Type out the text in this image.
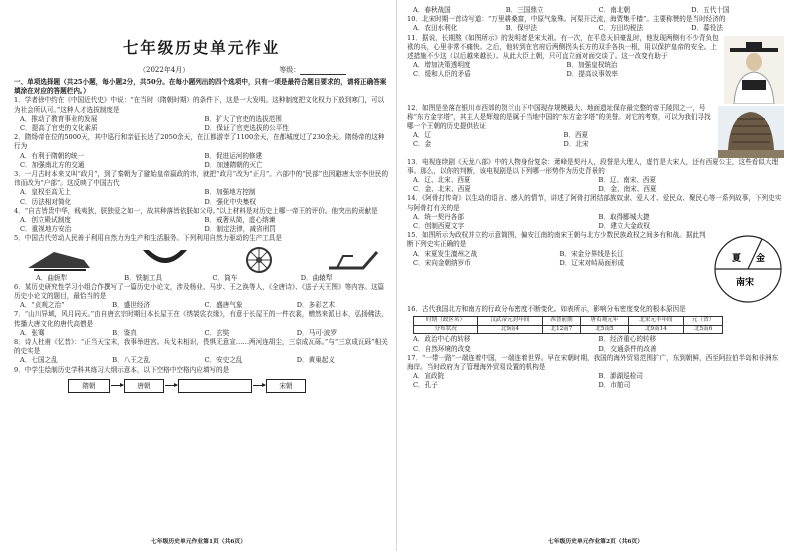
七年级历史单元作业
（2022年4月）	等级：
一、单项选择题（共25小题，每小题2分，共50分。在每小题列出的四个选项中，只有一项是最符合题目要求的，请将正确答案填涂在对应的答题栏内。）
1．学者徐中约在《中国近代史》中说：“在当时（隋朝时期）的条件下，这是一大发明。这种制度把文化权力下放到寒门，可以为社会所认可。”这种人才选拔制度是
A．推动了教育事业的发展	B．扩大了官吏的选拔范围
C．提高了官吏的文化素质	D．保证了官吏选拔的公平性
2．隋炀帝在位的5000天，其中巡行和亲征长达了2050余天，在江都游幸了1100余天，在都城度过了230余天。隋炀帝的这种行为
A．有利于隋朝的统一	B．促进运河的修建
C．加强南北方的交通	D．加速隋朝的灭亡
3．一月古时本来又叫“政月”，到了秦朝为了避始皇帝嬴政的讳，就把“政月”改为“正月”。六部中的“民部”也因避唐太宗李世民的讳而改为“户部”。这反映了中国古代
A．皇权至高无上	B．加强地方控制
C．历法相对简化	D．强化中央集权
4．“自古皆贵中华，贱夷狄，朕独爱之如一，故其种落皆依朕如父母。”以上材料是对历史上哪一帝王的评价。他突出的贡献是
A．创立殿试制度	B．戒奢从简，虚心纳谏
C．重视地方安治	D．制定法律，减省刑罚
5．中国古代劳动人民善于利用自然力为生产和生活服务。下列利用自然力驱动的生产工具是
A．曲轭犁	B．铁制工具	C．筒车	D．曲辕犁
6．某历史研究性学习小组合作撰写了一篇历史小论文，涉及杨业、马步、王之涣等人，《全唐诗》、《送子天王图》等内容。这篇历史小论文的题目，最恰当的是
A．“贞观之治”	B．盛世经济	C．盛唐气象	D．多彩艺术
7．“山川异域，风月同天。”由自唐玄宗时期日本长屋王在《绣袈裟衣缘》，有意于长屋王的一件衣裳，赠然来派日本，弘扬佛法，传播大唐文化的唐代高僧是
A．张骞	B．鉴真	C．玄奘	D．马可·波罗
8．诗人杜甫《忆昔》：“正当天宝末，我事举进宫。兵戈未相识，畏惧无意宣……两河连胡尘，三京成瓦砾。”与“三京成瓦砾”相关的史实是
A．七国之乱	B．八王之乱	C．安史之乱	D．黄巢起义
9．中学生绘制历史学科其练习大纲示意本，以下空格中空格内应填写的是
隋朝	唐朝	宋朝
七年级历史单元作业第1页（共6页）
A．春秋战国	B．三国鼎立	C．南北朝	D．五代十国
10．北宋时期一首诗写道：“万里耕桑富，中原气象殊。河渠开泛流，海贾集千樯”。主要称赞的是当时经济的
A．农田水利化	B．保甲法	C．方田均税法	D．募役法
11．据说，长期熬《如图所示》的发明者是宋太祖。有一次，在平息天旧豪乱时，他发现两侧有不少背负包袱的兵，心里非常不痛快。之后，他转到在官府后两侧拐头长方的双手各执一根，用以保护皇帝的安全。上述措施不少这（以后越来越长）。从此大臣上朝，只可直立面对面交谈了。这一改变有助于
A．增加决策透明度	B．加强皇权统治
C．缓和人臣的矛盾	D．提高议事效率
12．如图是坐落在银川市西郊的贺兰山下中国现存规模最大、地面遗址保存最完整的帝王陵园之一，号称“东方金字塔”，其主人是辉煌的是属于当地中国的“东方金字塔”的美誉。对它的考察，可以为我们寻找哪一个王朝的历史提供佐证
A．辽	B．西夏
C．金	D．北宋
13．电视连续剧《天龙八部》中的人物身份复杂：萧峰是契丹人，段誉是大理人，虚竹是大宋人，还有西夏公主，这些看似大理事。那么，以你的判断，该电视剧是以下列哪一形势作为历史背景的
A．辽、北宋、西夏	B．辽、南宋、西夏
C．金、北宋、西夏	D．金、南宋、西夏
14．《阿骨打传奇》以生动的语言、感人的情节，讲述了阿骨打团结部族奴隶、爱人才、爱民众、聚民心等一系列故事，下列史实与阿骨打有关的是
A．统一契丹各部	B．取得郾城大捷
C．创制西夏文字	D．建立大金政权
15．如图所示为政权并立的示意简图，偏安江南的南宋王朝与北方少数民族政权之间多有和战。据此判断下列史实正确的是
A．宋夏发生澶州之战	B．宋金分界线是长江
C．宋向金朝纳岁币	D．辽宋对峙局面形成	夏 金
南宋
16．古代我国北方和南方的行政分布密度不断变化。如表所示，影响分布密度变化的根本原因是
时期（政区名）	汉武帝元封年间	西晋前期	唐贞观元年	北宋元丰年间	元（省）
分布状况	北9南4	北12南7	北5南5	北9南14	北5南6
A．政治中心的转移	B．经济重心的转移
C．自然环境的改变	D．交通条件的改善
17．“一带一路”一端连着中国，一端连着世界。早在宋朝时期，我国的海外贸易范围扩广，东到朝鲜，西至阿拉伯半岛和非洲东海岸。当时政府为了管理海外贸易设置的机构是
A．宣政院	B．澎湖巡检司
C．孔子	D．市舶司
七年级历史单元作业第2页（共6页）
